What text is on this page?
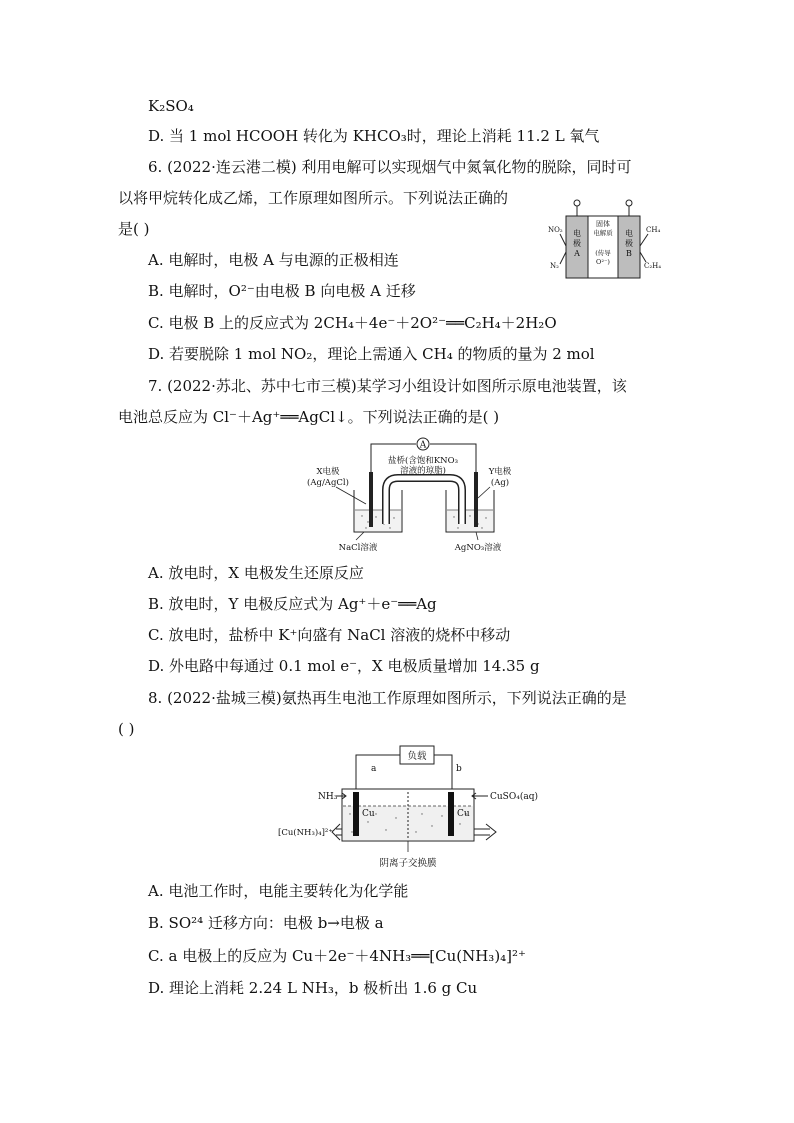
K₂SO₄
D. 当 1 mol HCOOH 转化为 KHCO₃时，理论上消耗 11.2 L 氧气
6. (2022·连云港二模) 利用电解可以实现烟气中氮氧化物的脱除，同时可
以将甲烷转化成乙烯，工作原理如图所示。下列说法正确的
是( )
A. 电解时，电极 A 与电源的正极相连
B. 电解时，O²⁻由电极 B 向电极 A 迁移
C. 电极 B 上的反应式为 2CH₄＋4e⁻＋2O²⁻══C₂H₄＋2H₂O
D. 若要脱除 1 mol NO₂，理论上需通入 CH₄ 的物质的量为 2 mol
电
极
A
固体
电解质
(传导
O²⁻)
电
极
B
NO₂
N₂
CH₄
C₂H₄
7. (2022·苏北、苏中七市三模)某学习小组设计如图所示原电池装置，该
电池总反应为 Cl⁻＋Ag⁺══AgCl↓。下列说法正确的是( )
A
盐桥(含饱和KNO₃
溶液的琼脂)
X电极
(Ag/AgCl)
Y电极
(Ag)
NaCl溶液	AgNO₃溶液
A. 放电时，X 电极发生还原反应
B. 放电时，Y 电极反应式为 Ag⁺＋e⁻══Ag
C. 放电时，盐桥中 K⁺向盛有 NaCl 溶液的烧杯中移动
D. 外电路中每通过 0.1 mol e⁻，X 电极质量增加 14.35 g
8. (2022·盐城三模)氨热再生电池工作原理如图所示，下列说法正确的是
( )
负载
a	b
Cu	Cu
NH₃	CuSO₄(aq)
[Cu(NH₃)₄]²⁺
阴离子交换膜
A. 电池工作时，电能主要转化为化学能
B. SO²⁴ 迁移方向：电极 b→电极 a
C. a 电极上的反应为 Cu＋2e⁻＋4NH₃══[Cu(NH₃)₄]²⁺
D. 理论上消耗 2.24 L NH₃，b 极析出 1.6 g Cu
